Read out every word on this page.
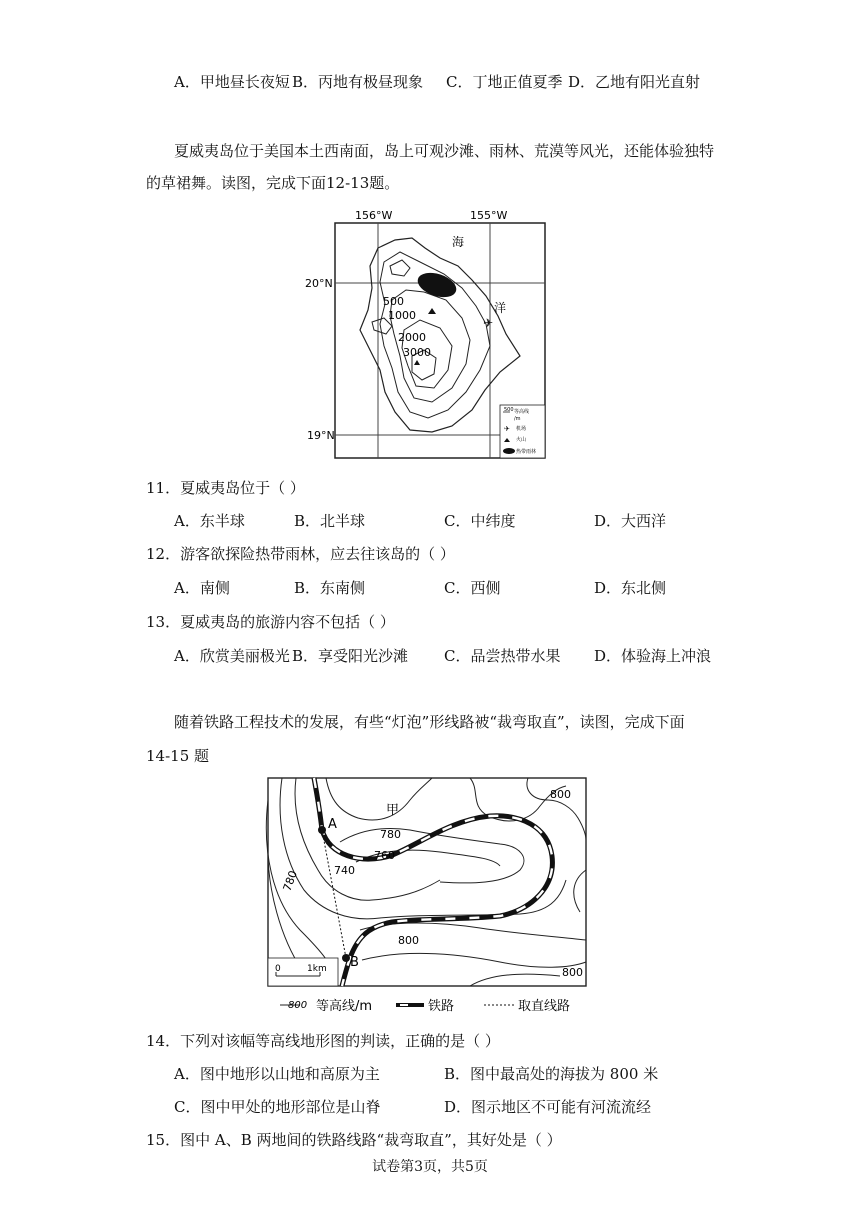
A．甲地昼长夜短 B．丙地有极昼现象 C．丁地正值夏季 D．乙地有阳光直射
夏威夷岛位于美国本土西南面，岛上可观沙滩、雨林、荒漠等风光，还能体验独特
的草裙舞。读图，完成下面12-13题。
✈
156°W	155°W
20°N
19°N
海
洋
500
1000
2000
3000
500 等高线
/m
✈ 机场
火山
热带雨林
11．夏威夷岛位于（ ）
A．东半球	B．北半球	C．中纬度	D．大西洋
12．游客欲探险热带雨林，应去往该岛的（ ）
A．南侧	B．东南侧	C．西侧	D．东北侧
13．夏威夷岛的旅游内容不包括（ ）
A．欣赏美丽极光 B．享受阳光沙滩 C．品尝热带水果 D．体验海上冲浪
随着铁路工程技术的发展，有些“灯泡”形线路被“裁弯取直”，读图，完成下面
14-15 题
0	1km
甲
A
B
800
780
760
740
780
800
800
800 等高线/m	铁路	取直线路
14．下列对该幅等高线地形图的判读，正确的是（ ）
A．图中地形以山地和高原为主	B．图中最高处的海拔为 800 米
C．图中甲处的地形部位是山脊	D．图示地区不可能有河流流经
15．图中 A、B 两地间的铁路线路“裁弯取直”，其好处是（ ）
试卷第3页，共5页
